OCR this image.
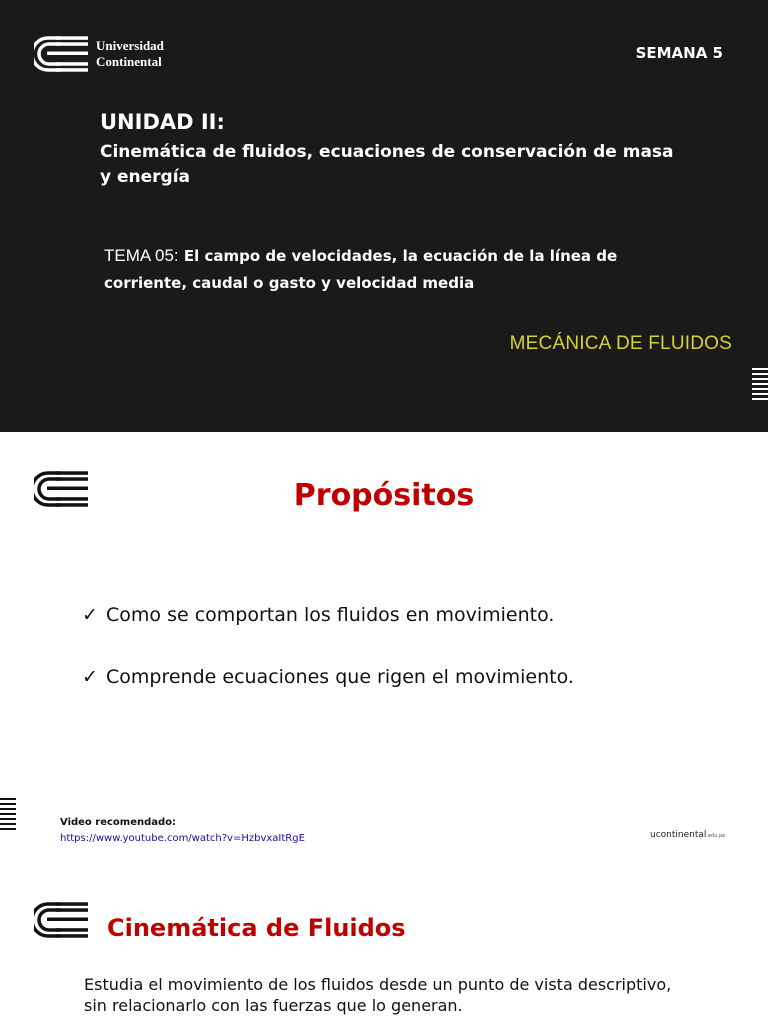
Universidad
Continental	SEMANA 5
UNIDAD II:
Cinemática de fluidos, ecuaciones de conservación de masa y energía
TEMA 05: El campo de velocidades, la ecuación de la línea de corriente, caudal o gasto y velocidad media
MECÁNICA DE FLUIDOS
Propósitos
✓ Como se comportan los fluidos en movimiento.
✓ Comprende ecuaciones que rigen el movimiento.
Video recomendado:
https://www.youtube.com/watch?v=HzbvxaItRgE	ucontinental.edu.pe
Cinemática de Fluidos
Estudia el movimiento de los fluidos desde un punto de vista descriptivo, sin relacionarlo con las fuerzas que lo generan.
